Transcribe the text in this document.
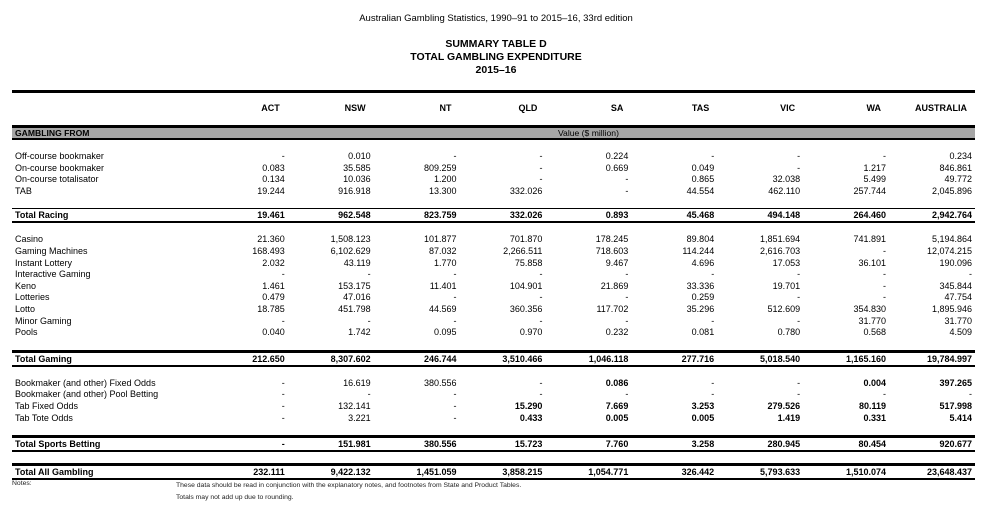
Australian Gambling Statistics, 1990–91 to 2015–16, 33rd edition
SUMMARY TABLE D
TOTAL GAMBLING EXPENDITURE
2015–16
	ACT	NSW	NT	QLD	SA	TAS	VIC	WA	AUSTRALIA
GAMBLING FROM	Value ($ million)								

Off-course bookmaker	-	0.010	-	-	0.224	-	-	-	0.234
On-course bookmaker	0.083	35.585	809.259	-	0.669	0.049	-	1.217	846.861
On-course totalisator	0.134	10.036	1.200	-	-	0.865	32.038	5.499	49.772
TAB	19.244	916.918	13.300	332.026	-	44.554	462.110	257.744	2,045.896

Total Racing	19.461	962.548	823.759	332.026	0.893	45.468	494.148	264.460	2,942.764

Casino	21.360	1,508.123	101.877	701.870	178.245	89.804	1,851.694	741.891	5,194.864
Gaming Machines	168.493	6,102.629	87.032	2,266.511	718.603	114.244	2,616.703	-	12,074.215
Instant Lottery	2.032	43.119	1.770	75.858	9.467	4.696	17.053	36.101	190.096
Interactive Gaming	-	-	-	-	-	-	-	-	-
Keno	1.461	153.175	11.401	104.901	21.869	33.336	19.701	-	345.844
Lotteries	0.479	47.016	-	-	-	0.259	-	-	47.754
Lotto	18.785	451.798	44.569	360.356	117.702	35.296	512.609	354.830	1,895.946
Minor Gaming	-	-	-	-	-	-	-	31.770	31.770
Pools	0.040	1.742	0.095	0.970	0.232	0.081	0.780	0.568	4.509

Total Gaming	212.650	8,307.602	246.744	3,510.466	1,046.118	277.716	5,018.540	1,165.160	19,784.997

Bookmaker (and other) Fixed Odds	-	16.619	380.556	-	0.086	-	-	0.004	397.265
Bookmaker (and other) Pool Betting	-	-	-	-	-	-	-	-	-
Tab Fixed Odds	-	132.141	-	15.290	7.669	3.253	279.526	80.119	517.998
Tab Tote Odds	-	3.221	-	0.433	0.005	0.005	1.419	0.331	5.414

Total Sports Betting	-	151.981	380.556	15.723	7.760	3.258	280.945	80.454	920.677

Total All Gambling	232.111	9,422.132	1,451.059	3,858.215	1,054.771	326.442	5,793.633	1,510.074	23,648.437
Notes:	These data should be read in conjunction with the explanatory notes, and footnotes from State and Product Tables.
Totals may not add up due to rounding.
